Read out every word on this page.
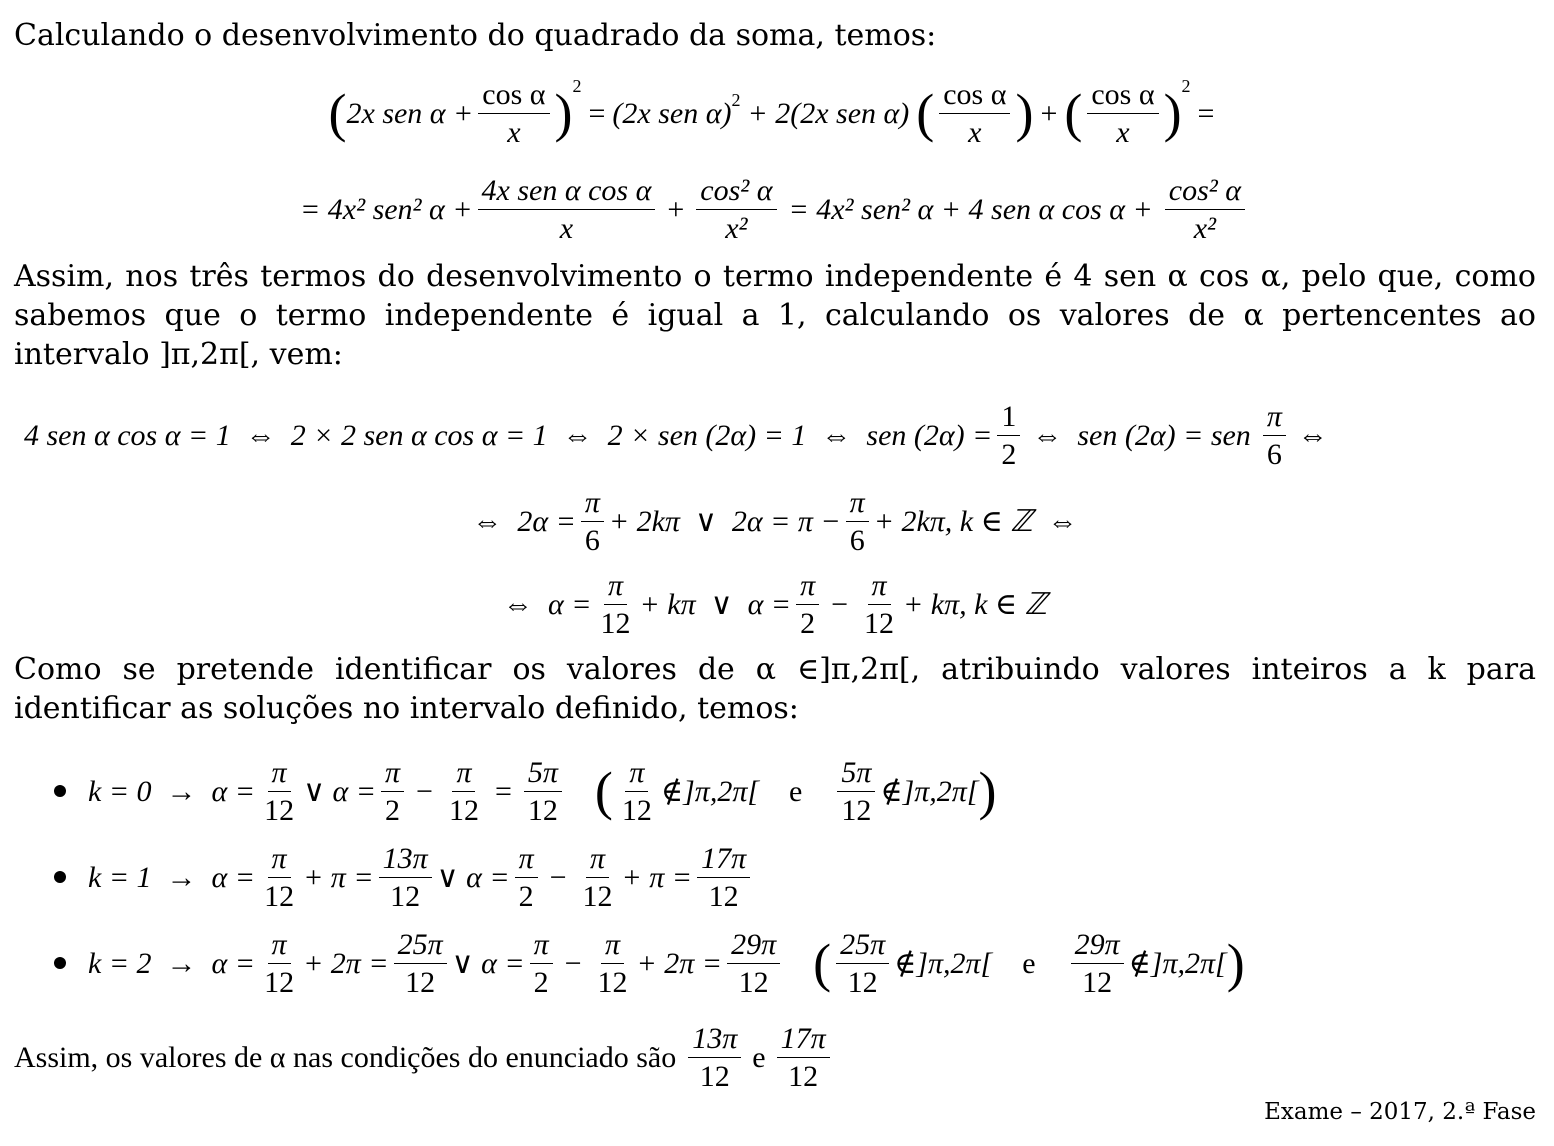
Calculando o desenvolvimento do quadrado da soma, temos:

( 2x sen $\alpha + \frac{\text{cos α}}{x} )^2$
= (2x sen α)$^2$ + 2(2x sen α) ( $\frac{\text{cos α}}{x}$ ) + ( $\frac{\text{cos α}}{x} )^2$
=
= 4x² sen² $\alpha + \frac{\text{4x sen α cos α}}{x} + \frac{\text{cos² α}}{\text{x²}} = 4x^2$ sen² α + 4 sen α $\cos \alpha + \frac{\text{cos² α}}{\text{x²}}$

Assim, nos três termos do desenvolvimento o termo independente é 4 sen α cos α, pelo que, como sabemos que o termo independente é igual a 1, calculando os valores de α pertencentes ao intervalo ]π,2π[, vem:

4 sen α cos α = 1  ⇔  2 × 2 sen α cos α = 1  ⇔  2 × sen (2α) = 1  ⇔  sen $(2\alpha) = \frac{1}{2}$ ⇔  sen (2α) = sen $\frac{\pi}{6}$ ⇔
⇔  $2\alpha = \frac{\pi}{6} + 2k\pi$  ∨  $2\alpha = \pi - \frac{\pi}{6} + 2k\pi$, k ∈ ℤ  ⇔
⇔  $\alpha = \frac{\pi}{12} + k\pi$  ∨  $\alpha = \frac{\pi}{2} - \frac{\pi}{12} + k\pi$, k ∈ ℤ

Como se pretende identificar os valores de α ∈]π,2π[, atribuindo valores inteiros a k para identificar as soluções no intervalo definido, temos:

$k = 0 \to \alpha = \frac{\pi}{12}$ ∨ $\alpha = \frac{\pi}{2} - \frac{\pi}{12} = \frac{5\pi}{12}$ ( $\frac{\pi}{12}$ ∉]π,2π[ e $\frac{5\pi}{12}$ ∉]π,2π[ )
$k = 1 \to \alpha = \frac{\pi}{12} + \pi = \frac{13\pi}{12}$ ∨ $\alpha = \frac{\pi}{2} - \frac{\pi}{12} + \pi = \frac{17\pi}{12}$
$k = 2 \to \alpha = \frac{\pi}{12} + 2\pi = \frac{25\pi}{12}$ ∨ $\alpha = \frac{\pi}{2} - \frac{\pi}{12} + 2\pi = \frac{29\pi}{12}$ ( $\frac{25\pi}{12}$ ∉]π,2π[ e $\frac{29\pi}{12}$ ∉]π,2π[ )
Assim, os valores de α nas condições do enunciado são $\frac{13\pi}{12}$ e $\frac{17\pi}{12}$
Exame – 2017, 2.ª Fase
